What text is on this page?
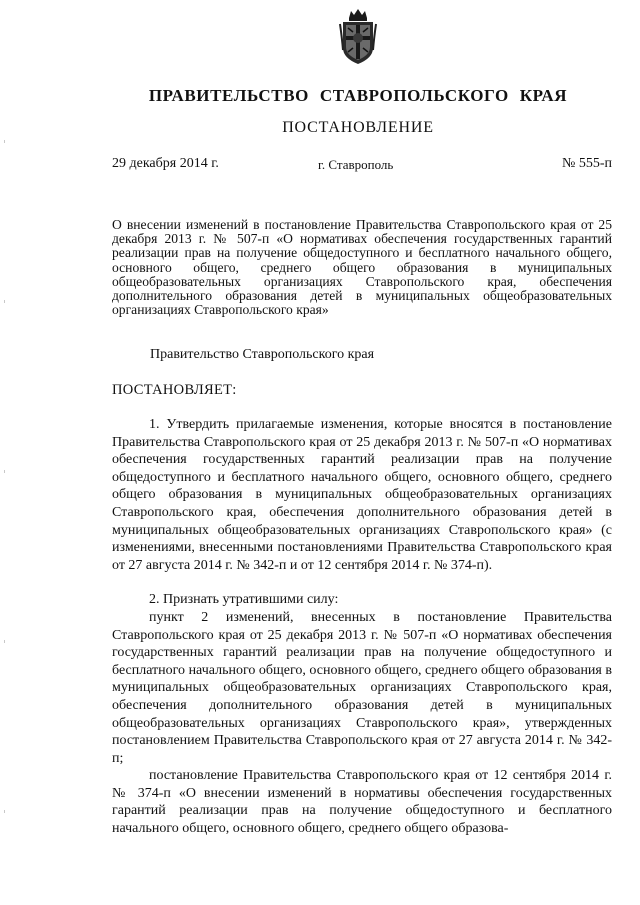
ПРАВИТЕЛЬСТВО СТАВРОПОЛЬСКОГО КРАЯ
ПОСТАНОВЛЕНИЕ
29 декабря 2014 г.	г. Ставрополь	№ 555-п
О внесении изменений в постановление Правительства Ставропольского края от 25 декабря 2013 г. № 507-п «О нормативах обеспечения государственных гарантий реализации прав на получение общедоступного и бесплатного начального общего, основного общего, среднего общего образования в муниципальных общеобразовательных организациях Ставропольского края, обеспечения дополнительного образования детей в муниципальных общеобразовательных организациях Ставропольского края»
Правительство Ставропольского края
ПОСТАНОВЛЯЕТ:

1. Утвердить прилагаемые изменения, которые вносятся в постановление Правительства Ставропольского края от 25 декабря 2013 г. № 507-п «О нормативах обеспечения государственных гарантий реализации прав на получение общедоступного и бесплатного начального общего, основного общего, среднего общего образования в муниципальных общеобразовательных организациях Ставропольского края, обеспечения дополнительного образования детей в муниципальных общеобразовательных организациях Ставропольского края» (с изменениями, внесенными постановлениями Правительства Ставропольского края от 27 августа 2014 г. № 342-п и от 12 сентября 2014 г. № 374-п).

2. Признать утратившими силу:

пункт 2 изменений, внесенных в постановление Правительства Ставропольского края от 25 декабря 2013 г. № 507-п «О нормативах обеспечения государственных гарантий реализации прав на получение общедоступного и бесплатного начального общего, основного общего, среднего общего образования в муниципальных общеобразовательных организациях Ставропольского края, обеспечения дополнительного образования детей в муниципальных общеобразовательных организациях Ставропольского края», утвержденных постановлением Правительства Ставропольского края от 27 августа 2014 г. № 342-п;

постановление Правительства Ставропольского края от 12 сентября 2014 г. № 374-п «О внесении изменений в нормативы обеспечения государственных гарантий реализации прав на получение общедоступного и бесплатного начального общего, основного общего, среднего общего образова-
